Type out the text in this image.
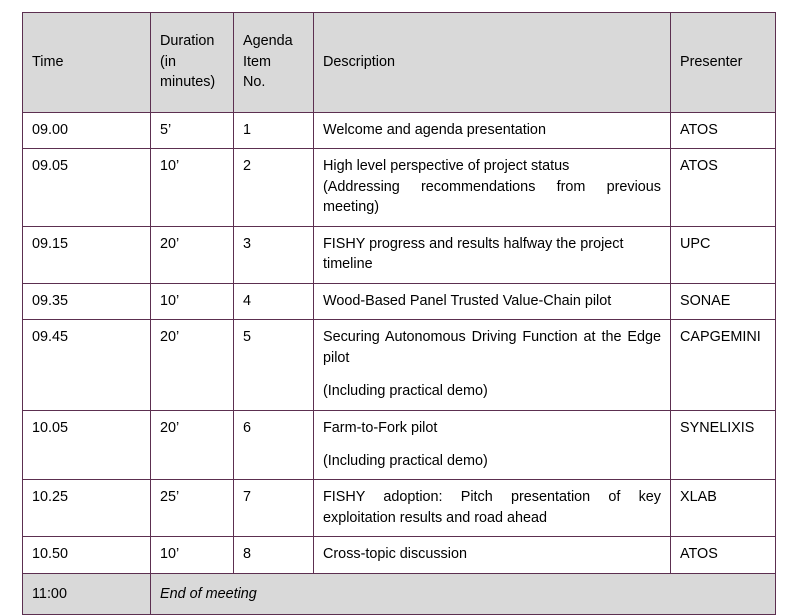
Time	Duration
(in
minutes)	Agenda
Item
No.	Description	Presenter
09.00	5’	1	Welcome and agenda presentation	ATOS
09.05	10’	2	High level perspective of project status

(Addressing recommendations from previous meeting)	ATOS
09.15	20’	3	FISHY progress and results halfway the project timeline	UPC
09.35	10’	4	Wood-Based Panel Trusted Value-Chain pilot	SONAE
09.45	20’	5	Securing Autonomous Driving Function at the Edge pilot

(Including practical demo)	CAPGEMINI
10.05	20’	6	Farm-to-Fork pilot

(Including practical demo)	SYNELIXIS
10.25	25’	7	FISHY adoption: Pitch presentation of key exploitation results and road ahead	XLAB
10.50	10’	8	Cross-topic discussion	ATOS
11:00	End of meeting			
